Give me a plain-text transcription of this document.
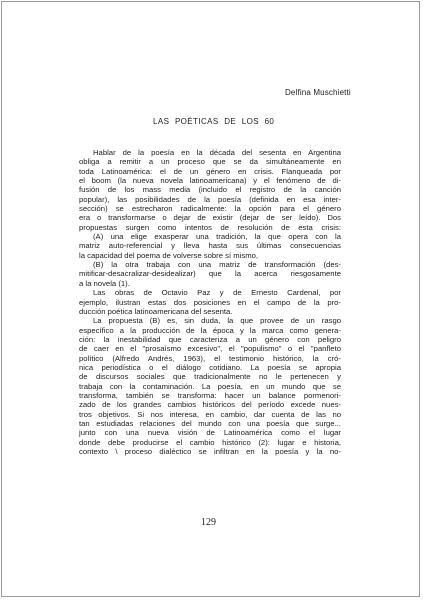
Delfina Muschietti
LAS POÉTICAS DE LOS 60
Hablar de la poesía en la década del sesenta en Argentina
obliga a remitir a un proceso que se da simultáneamente en
toda Latinoamérica: el de un género en crisis. Flanqueada por
el boom (la nueva novela latinoamericana) y el fenómeno de di-
fusión de los mass media (incluido el registro de la canción
popular), las posibilidades de la poesía (definida en esa inter-
sección) se estrecharon radicalmente: la opción para el género
era o transformarse o dejar de existir (dejar de ser leído). Dos
propuestas surgen como intentos de resolución de esta crisis:
(A) una elige exasperar una tradición, la que opera con la
matriz auto-referencial y lleva hasta sus últimas consecuencias
la capacidad del poema de volverse sobre sí mismo,
(B) la otra trabaja con una matriz de transformación (des-
mitificar-desacralizar-desidealizar) que la acerca riesgosamente
a la novela (1).
Las obras de Octavio Paz y de Ernesto Cardenal, por
ejemplo, ilustran estas dos posiciones en el campo de la pro-
ducción poética latinoamericana del sesenta.
La propuesta (B) es, sin duda, la que provee de un rasgo
específico a la producción de la época y la marca como genera-
ción: la inestabilidad que caracteriza a un género con peligro
de caer en el "prosaísmo excesivo", el "populismo" o el "panfleto
político (Alfredo Andrés, 1963), el testimonio histórico, la cró-
nica periodística o el diálogo cotidiano. La poesía se apropia
de discursos sociales que tradicionalmente no le pertenecen y
trabaja con la contaminación. La poesía, en un mundo que se
transforma, también se transforma: hacer un balance pormenori-
zado de los grandes cambios históricos del período excede nues-
tros objetivos. Si nos interesa, en cambio, dar cuenta de las no
tan estudiadas relaciones del mundo con una poesía que surge...
junto con una nueva visión de Latinoamérica como el lugar
donde debe producirse el cambio histórico (2): lugar e historia,
contexto \ proceso dialéctico se infiltran en la poesía y la no-
129
